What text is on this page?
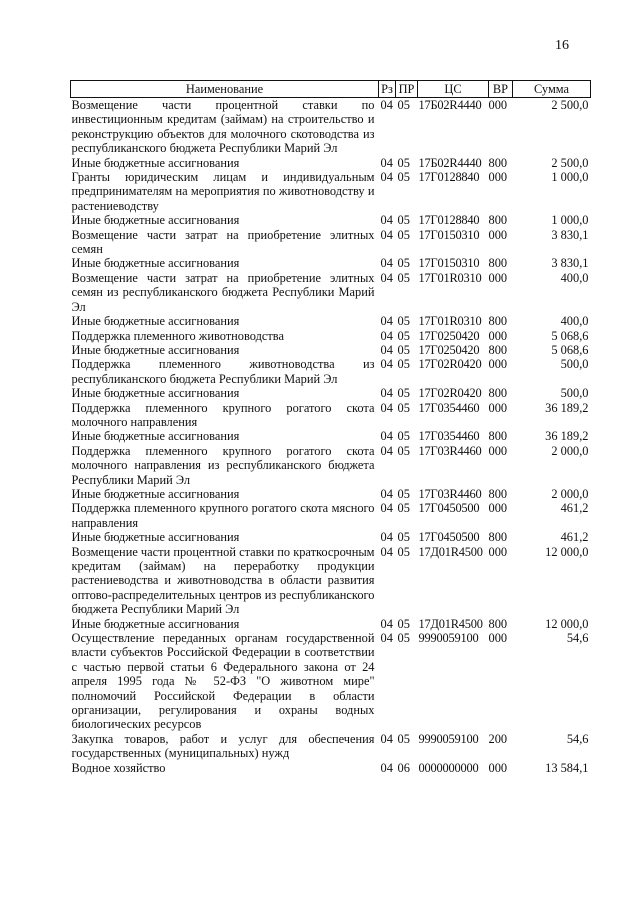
16
Наименование	Рз	ПР	ЦС	ВР	Сумма
Возмещение части процентной ставки по инвестиционным кредитам (займам) на строительство и реконструкцию объектов для молочного скотоводства из республиканского бюджета Республики Марий Эл	04	05	17Б02R4440	000	2 500,0
Иные бюджетные ассигнования	04	05	17Б02R4440	800	2 500,0
Гранты юридическим лицам и индивидуальным предпринимателям на мероприятия по животноводству и растениеводству	04	05	17Г0128840	000	1 000,0
Иные бюджетные ассигнования	04	05	17Г0128840	800	1 000,0
Возмещение части затрат на приобретение элитных семян	04	05	17Г0150310	000	3 830,1
Иные бюджетные ассигнования	04	05	17Г0150310	800	3 830,1
Возмещение части затрат на приобретение элитных семян из республиканского бюджета Республики Марий Эл	04	05	17Г01R0310	000	400,0
Иные бюджетные ассигнования	04	05	17Г01R0310	800	400,0
Поддержка племенного животноводства	04	05	17Г0250420	000	5 068,6
Иные бюджетные ассигнования	04	05	17Г0250420	800	5 068,6
Поддержка племенного животноводства из республиканского бюджета Республики Марий Эл	04	05	17Г02R0420	000	500,0
Иные бюджетные ассигнования	04	05	17Г02R0420	800	500,0
Поддержка племенного крупного рогатого скота молочного направления	04	05	17Г0354460	000	36 189,2
Иные бюджетные ассигнования	04	05	17Г0354460	800	36 189,2
Поддержка племенного крупного рогатого скота молочного направления из республиканского бюджета Республики Марий Эл	04	05	17Г03R4460	000	2 000,0
Иные бюджетные ассигнования	04	05	17Г03R4460	800	2 000,0
Поддержка племенного крупного рогатого скота мясного направления	04	05	17Г0450500	000	461,2
Иные бюджетные ассигнования	04	05	17Г0450500	800	461,2
Возмещение части процентной ставки по краткосрочным кредитам (займам) на переработку продукции растениеводства и животноводства в области развития оптово-распределительных центров из республиканского бюджета Республики Марий Эл	04	05	17Д01R4500	000	12 000,0
Иные бюджетные ассигнования	04	05	17Д01R4500	800	12 000,0
Осуществление переданных органам государственной власти субъектов Российской Федерации в соответствии с частью первой статьи 6 Федерального закона от 24 апреля 1995 года № 52-ФЗ "О животном мире" полномочий Российской Федерации в области организации, регулирования и охраны водных биологических ресурсов	04	05	9990059100	000	54,6
Закупка товаров, работ и услуг для обеспечения государственных (муниципальных) нужд	04	05	9990059100	200	54,6
Водное хозяйство	04	06	0000000000	000	13 584,1
